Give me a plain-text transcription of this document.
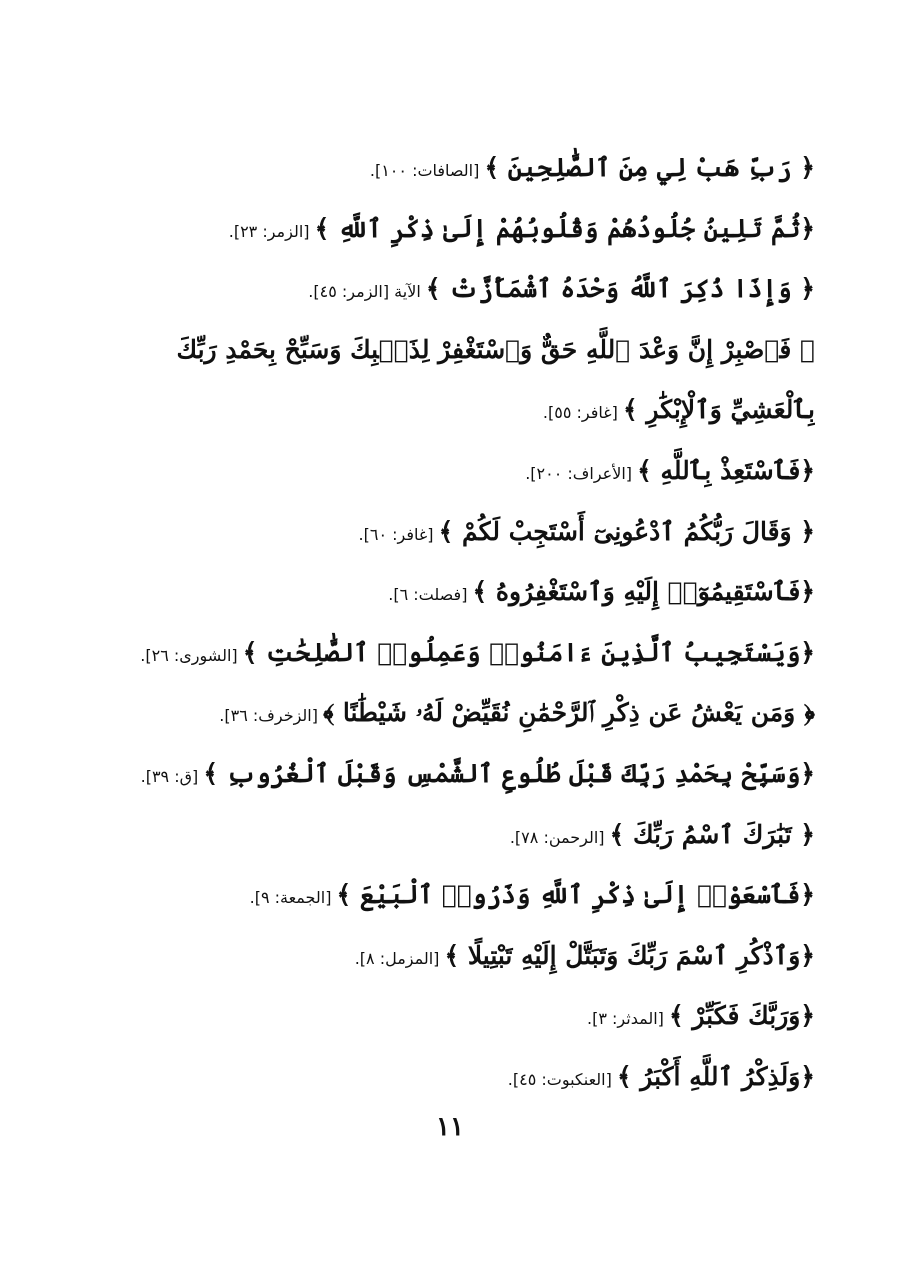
﴿ رَبِّ هَبْ لِي مِنَ ٱلصَّٰلِحِينَ ﴾ [الصافات: ١٠٠].
﴿ثُمَّ تَلِينُ جُلُودُهُمْ وَقُلُوبُهُمْ إِلَىٰ ذِكْرِ ٱللَّهِ ﴾ [الزمر: ٢٣].
﴿ وَإِذَا ذُكِرَ ٱللَّهُ وَحْدَهُ ٱشْمَأَزَّتْ ﴾ الآية [الزمر: ٤٥].
﴿ فَٱصْبِرْ إِنَّ وَعْدَ ٱللَّهِ حَقٌّ وَٱسْتَغْفِرْ لِذَنۢبِكَ وَسَبِّحْ بِحَمْدِ رَبِّكَ
بِٱلْعَشِيِّ وَٱلْإِبْكَٰرِ ﴾ [غافر: ٥٥].
﴿فَٱسْتَعِذْ بِٱللَّهِ ﴾ [الأعراف: ٢٠٠].
﴿ وَقَالَ رَبُّكُمُ ٱدْعُونِىٓ أَسْتَجِبْ لَكُمْ ﴾ [غافر: ٦٠].
﴿فَٱسْتَقِيمُوٓا۟ إِلَيْهِ وَٱسْتَغْفِرُوهُ ﴾ [فصلت: ٦].
﴿وَيَسْتَجِيبُ ٱلَّذِينَ ءَامَنُوا۟ وَعَمِلُوا۟ ٱلصَّٰلِحَٰتِ ﴾ [الشورى: ٢٦].
﴿ وَمَن يَعْشُ عَن ذِكْرِ ٱلرَّحْمَٰنِ نُقَيِّضْ لَهُۥ شَيْطَٰنًا ﴾ [الزخرف: ٣٦].
﴿وَسَبِّحْ بِحَمْدِ رَبِّكَ قَبْلَ طُلُوعِ ٱلشَّمْسِ وَقَبْلَ ٱلْغُرُوبِ ﴾ [ق: ٣٩].
﴿ تَبَٰرَكَ ٱسْمُ رَبِّكَ ﴾ [الرحمن: ٧٨].
﴿فَٱسْعَوْا۟ إِلَىٰ ذِكْرِ ٱللَّهِ وَذَرُوا۟ ٱلْبَيْعَ ﴾ [الجمعة: ٩].
﴿وَٱذْكُرِ ٱسْمَ رَبِّكَ وَتَبَتَّلْ إِلَيْهِ تَبْتِيلًا ﴾ [المزمل: ٨].
﴿وَرَبَّكَ فَكَبِّرْ ﴾ [المدثر: ٣].
﴿وَلَذِكْرُ ٱللَّهِ أَكْبَرُ ﴾ [العنكبوت: ٤٥].
١١
